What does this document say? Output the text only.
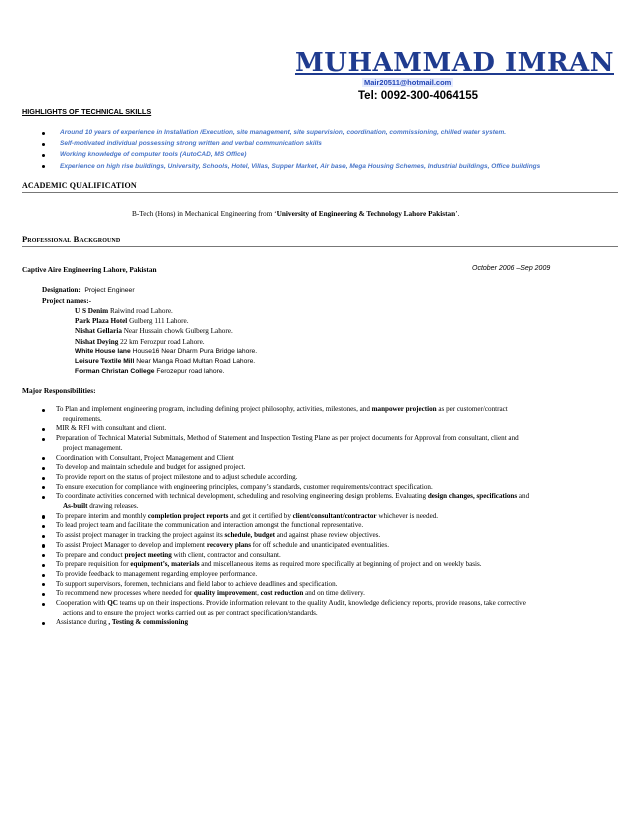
MUHAMMAD IMRAN
Mair20511@hotmail.com
Tel: 0092-300-4064155
HIGHLIGHTS OF TECHNICAL SKILLS
Around 10 years of experience in Installation /Execution, site management, site supervision, coordination, commissioning, chilled water system.
Self-motivated individual possessing strong written and verbal communication skills
Working knowledge of computer tools (AutoCAD, MS Office)
Experience on high rise buildings, University, Schools, Hotel, Villas, Supper Market, Air base, Mega Housing Schemes, Industrial buildings, Office buildings
ACADEMIC QUALIFICATION
B-Tech (Hons) in Mechanical Engineering from ‘University of Engineering & Technology Lahore Pakistan’.
Professional Background
Captive Aire Engineering Lahore, Pakistan	October 2006 –Sep 2009
Designation: Project Engineer
Project names:-
U S Denim Raiwind road Lahore.
Park Plaza Hotel Gulberg 111 Lahore.
Nishat Gellaria Near Hussain chowk Gulberg Lahore.
Nishat Deying 22 km Ferozpur road Lahore.
White House lane House16 Near Dharm Pura Bridge lahore.
Leisure Textile Mill Near Manga Road Multan Road Lahore.
Forman Christan College Ferozepur road lahore.
Major Responsibilities:
To Plan and implement engineering program, including defining project philosophy, activities, milestones, and manpower projection as per customer/contract
requirements.
MIR & RFI with consultant and client.
Preparation of Technical Material Submittals, Method of Statement and Inspection Testing Plane as per project documents for Approval from consultant, client and
project management.
Coordination with Consultant, Project Management and Client
To develop and maintain schedule and budget for assigned project.
To provide report on the status of project milestone and to adjust schedule according.
To ensure execution for compliance with engineering principles, company’s standards, customer requirements/contract specification.
To coordinate activities concerned with technical development, scheduling and resolving engineering design problems. Evaluating design changes, specifications and
As-built drawing releases.
To prepare interim and monthly completion project reports and get it certified by client/consultant/contractor whichever is needed.
To lead project team and facilitate the communication and interaction amongst the functional representative.
To assist project manager in tracking the project against its schedule, budget and against phase review objectives.
To assist Project Manager to develop and implement recovery plans for off schedule and unanticipated eventualities.
To prepare and conduct project meeting with client, contractor and consultant.
To prepare requisition for equipment’s, materials and miscellaneous items as required more specifically at beginning of project and on weekly basis.
To provide feedback to management regarding employee performance.
To support supervisors, foremen, technicians and field labor to achieve deadlines and specification.
To recommend new processes where needed for quality improvement, cost reduction and on time delivery.
Cooperation with QC teams up on their inspections. Provide information relevant to the quality Audit, knowledge deficiency reports, provide reasons, take corrective
actions and to ensure the project works carried out as per contract specification/standards.
Assistance during , Testing & commissioning
